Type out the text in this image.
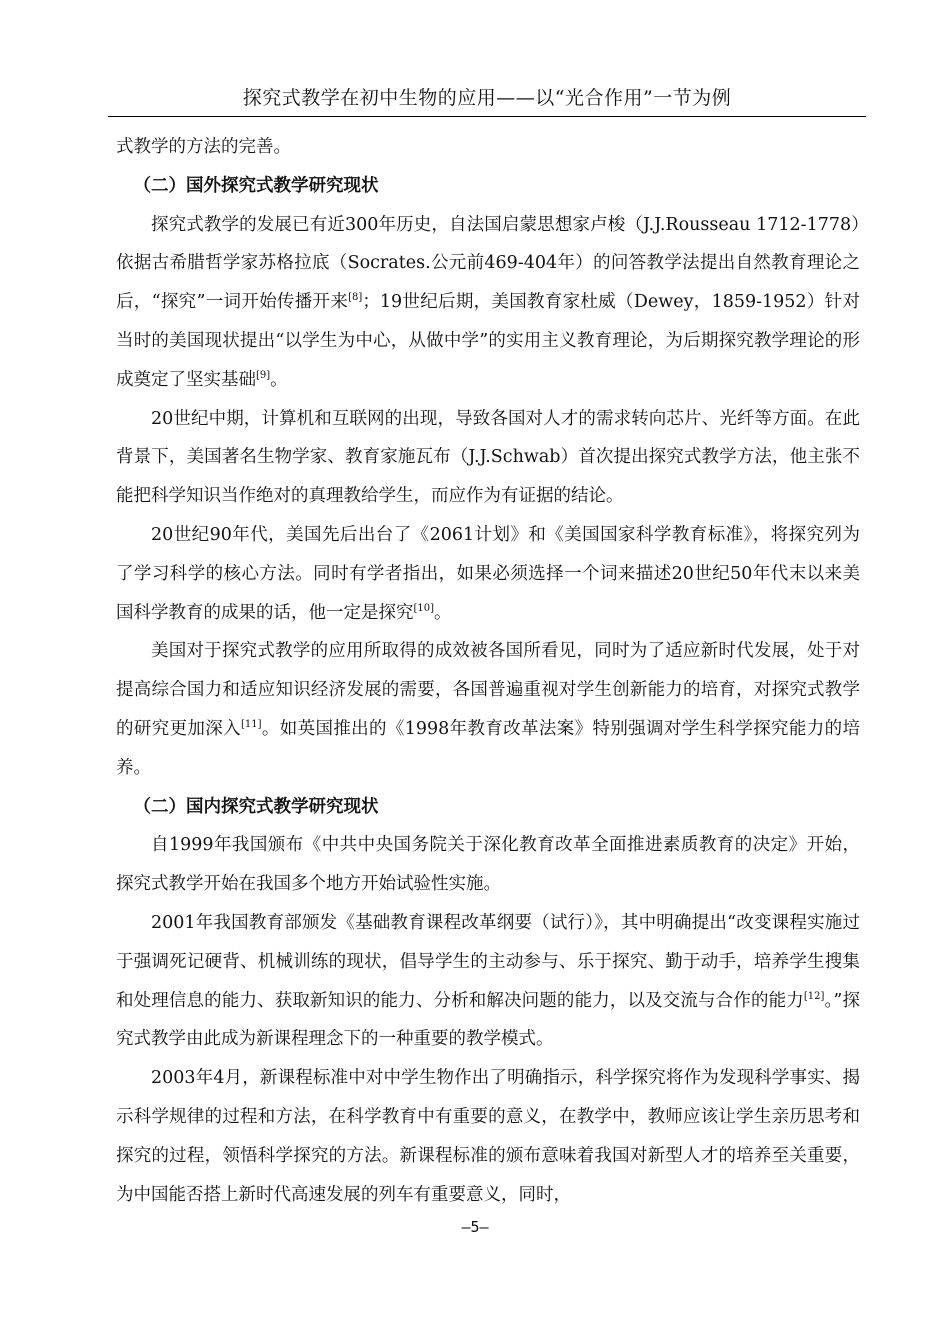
探究式教学在初中生物的应用——以“光合作用”一节为例

式教学的方法的完善。

（二）国外探究式教学研究现状

探究式教学的发展已有近300年历史，自法国启蒙思想家卢梭（J.J.Rousseau 1712-1778）依据古希腊哲学家苏格拉底（Socrates.公元前469-404年）的问答教学法提出自然教育理论之后，“探究”一词开始传播开来[8]；19世纪后期，美国教育家杜威（Dewey，1859-1952）针对当时的美国现状提出“以学生为中心，从做中学”的实用主义教育理论，为后期探究教学理论的形成奠定了坚实基础[9]。

20世纪中期，计算机和互联网的出现，导致各国对人才的需求转向芯片、光纤等方面。在此背景下，美国著名生物学家、教育家施瓦布（J.J.Schwab）首次提出探究式教学方法，他主张不能把科学知识当作绝对的真理教给学生，而应作为有证据的结论。

20世纪90年代，美国先后出台了《2061计划》和《美国国家科学教育标准》，将探究列为了学习科学的核心方法。同时有学者指出，如果必须选择一个词来描述20世纪50年代末以来美国科学教育的成果的话，他一定是探究[10]。

美国对于探究式教学的应用所取得的成效被各国所看见，同时为了适应新时代发展，处于对提高综合国力和适应知识经济发展的需要，各国普遍重视对学生创新能力的培育，对探究式教学的研究更加深入[11]。如英国推出的《1998年教育改革法案》特别强调对学生科学探究能力的培养。

（二）国内探究式教学研究现状

自1999年我国颁布《中共中央国务院关于深化教育改革全面推进素质教育的决定》开始，探究式教学开始在我国多个地方开始试验性实施。

2001年我国教育部颁发《基础教育课程改革纲要（试行）》，其中明确提出“改变课程实施过于强调死记硬背、机械训练的现状，倡导学生的主动参与、乐于探究、勤于动手，培养学生搜集和处理信息的能力、获取新知识的能力、分析和解决问题的能力，以及交流与合作的能力[12]。”探究式教学由此成为新课程理念下的一种重要的教学模式。

2003年4月，新课程标准中对中学生物作出了明确指示，科学探究将作为发现科学事实、揭示科学规律的过程和方法，在科学教育中有重要的意义，在教学中，教师应该让学生亲历思考和探究的过程，领悟科学探究的方法。新课程标准的颁布意味着我国对新型人才的培养至关重要，为中国能否搭上新时代高速发展的列车有重要意义，同时，

—5—
